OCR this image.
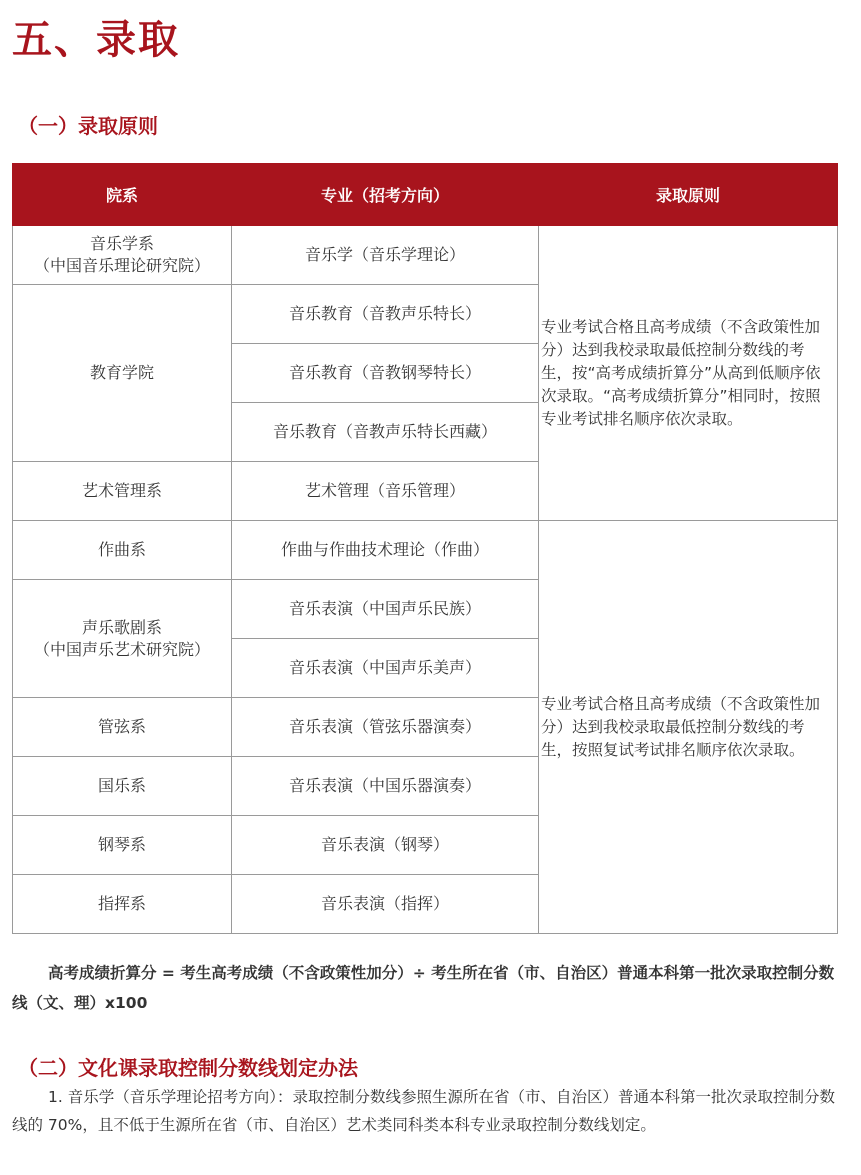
五、录取
（一）录取原则
院系	专业（招考方向）	录取原则
音乐学系
（中国音乐理论研究院）	音乐学（音乐学理论）	专业考试合格且高考成绩（不含政策性加分）达到我校录取最低控制分数线的考生，按“高考成绩折算分”从高到低顺序依次录取。“高考成绩折算分”相同时，按照专业考试排名顺序依次录取。
教育学院	音乐教育（音教声乐特长）	
	音乐教育（音教钢琴特长）	
	音乐教育（音教声乐特长西藏）	
艺术管理系	艺术管理（音乐管理）	
作曲系	作曲与作曲技术理论（作曲）	专业考试合格且高考成绩（不含政策性加分）达到我校录取最低控制分数线的考生，按照复试考试排名顺序依次录取。
声乐歌剧系
（中国声乐艺术研究院）	音乐表演（中国声乐民族）	
	音乐表演（中国声乐美声）	
管弦系	音乐表演（管弦乐器演奏）	
国乐系	音乐表演（中国乐器演奏）	
钢琴系	音乐表演（钢琴）	
指挥系	音乐表演（指挥）	

高考成绩折算分 = 考生高考成绩（不含政策性加分）÷ 考生所在省（市、自治区）普通本科第一批次录取控制分数线（文、理）x100

（二）文化课录取控制分数线划定办法

1. 音乐学（音乐学理论招考方向）：录取控制分数线参照生源所在省（市、自治区）普通本科第一批次录取控制分数线的 70%，且不低于生源所在省（市、自治区）艺术类同科类本科专业录取控制分数线划定。
